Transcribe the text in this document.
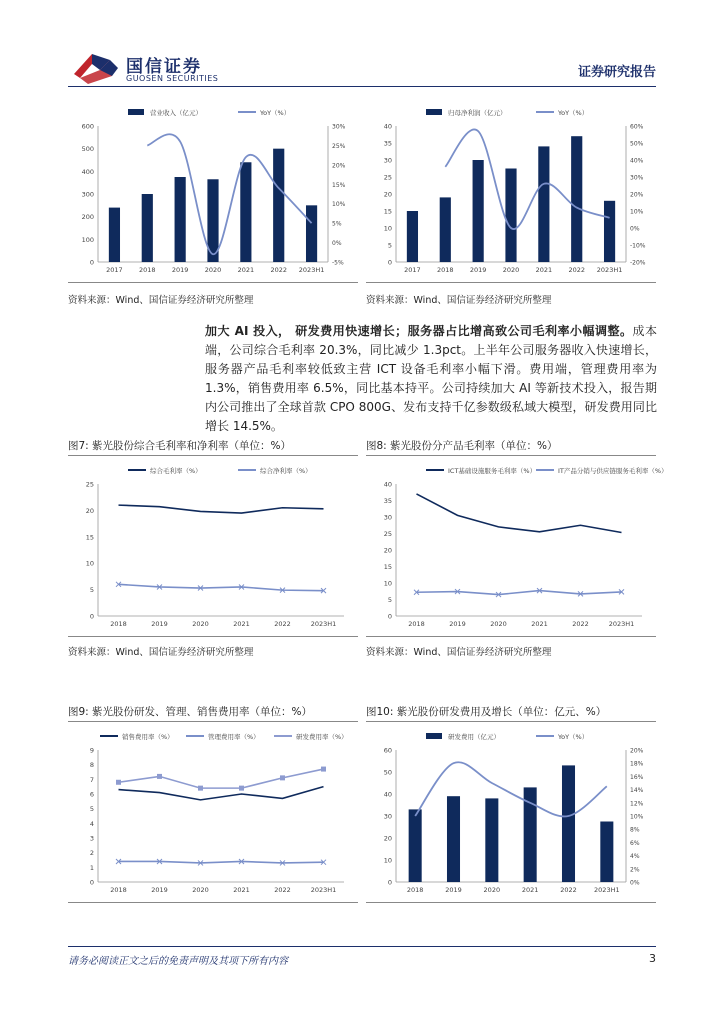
国信证券
GUOSEN SECURITIES	证券研究报告
营业收入（亿元）	YoY（%）
0
100
200
300
400
500
600
-5%
0%
5%
10%
15%
20%
25%
30%
2017	2018	2019	2020	2021	2022 2023H1
资料来源：Wind、国信证券经济研究所整理
归母净利润（亿元）	YoY（%）
0
5
10
15
20
25
30
35
40
-20%
-10%
0%
10%
20%
30%
40%
50%
60%
2017	2018	2019	2020	2021	2022 2023H1
资料来源：Wind、国信证券经济研究所整理
加大 AI 投入， 研发费用快速增长；服务器占比增高致公司毛利率小幅调整。成本端，公司综合毛利率 20.3%，同比减少 1.3pct。上半年公司服务器收入快速增长，服务器产品毛利率较低致主营 ICT 设备毛利率小幅下滑。费用端，管理费用率为 1.3%，销售费用率 6.5%，同比基本持平。公司持续加大 AI 等新技术投入，报告期内公司推出了全球首款 CPO 800G、发布支持千亿参数级私域大模型，研发费用同比增长 14.5%。
图7: 紫光股份综合毛利率和净利率（单位：%）	图8: 紫光股份分产品毛利率（单位：%）
综合毛利率（%）	综合净利率（%）
0
5
10
15
20
25
2018	2019	2020	2021	2022	2023H1
ICT基础设施服务毛利率（%）	IT产品分销与供应链服务毛利率（%）
0
5
10
15
20
25
30
35
40
2018	2019	2020	2021	2022	2023H1
资料来源：Wind、国信证券经济研究所整理	资料来源：Wind、国信证券经济研究所整理
图9: 紫光股份研发、管理、销售费用率（单位：%）	图10: 紫光股份研发费用及增长（单位：亿元、%）
销售费用率（%）	管理费用率（%）	研发费用率（%）
0
1
2
3
4
5
6
7
8
9
2018	2019	2020	2021	2022	2023H1
研发费用（亿元）	YoY（%）
0
10
20
30
40
50
60
0%
2%
4%
6%
8%
10%
12%
14%
16%
18%
20%
2018	2019	2020	2021	2022	2023H1
请务必阅读正文之后的免责声明及其项下所有内容	3
